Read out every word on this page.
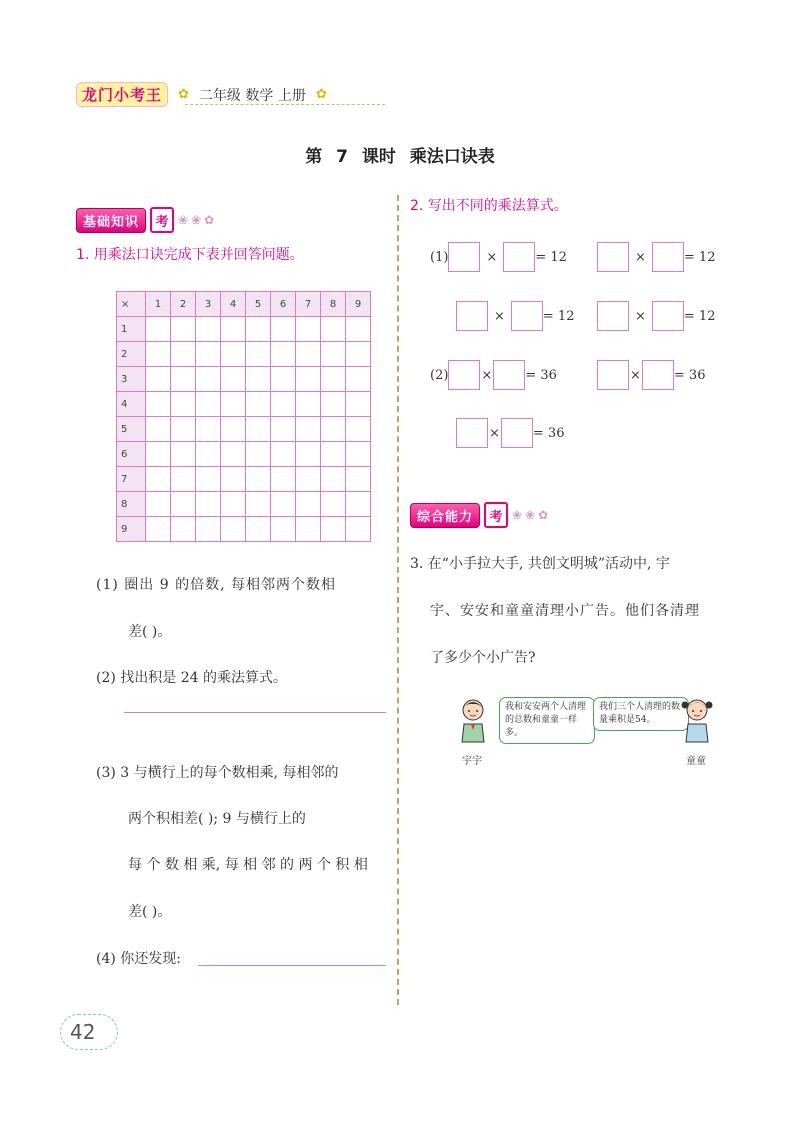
龙门小考王	✿ 二年级 数学 上册 ✿
第 7 课时 乘法口诀表
基础知识	考 ❀❀✿
1. 用乘法口诀完成下表并回答问题。
×	1	2	3	4	5	6	7	8	9
1									
2									
3									
4									
5									
6									
7									
8									
9									
(1) 圈出 9 的倍数, 每相邻两个数相
差( )。
(2) 找出积是 24 的乘法算式。
(3) 3 与横行上的每个数相乘, 每相邻的
两个积相差( ); 9 与横行上的
每 个 数 相 乘, 每 相 邻 的 两 个 积 相
差( )。
(4) 你还发现:
2. 写出不同的乘法算式。
(1)	×	= 12	×	= 12
×	= 12	×	= 12
(2)	×	= 36	×	= 36
×	= 36
综合能力	考 ❀❀✿
3. 在“小手拉大手, 共创文明城”活动中, 宇
宇、安安和童童清理小广告。他们各清理
了多少个小广告?
宇宇
我和安安两个人清理的总数和童童一样多。
我们三个人清理的数量乘积是54。
童童
42
